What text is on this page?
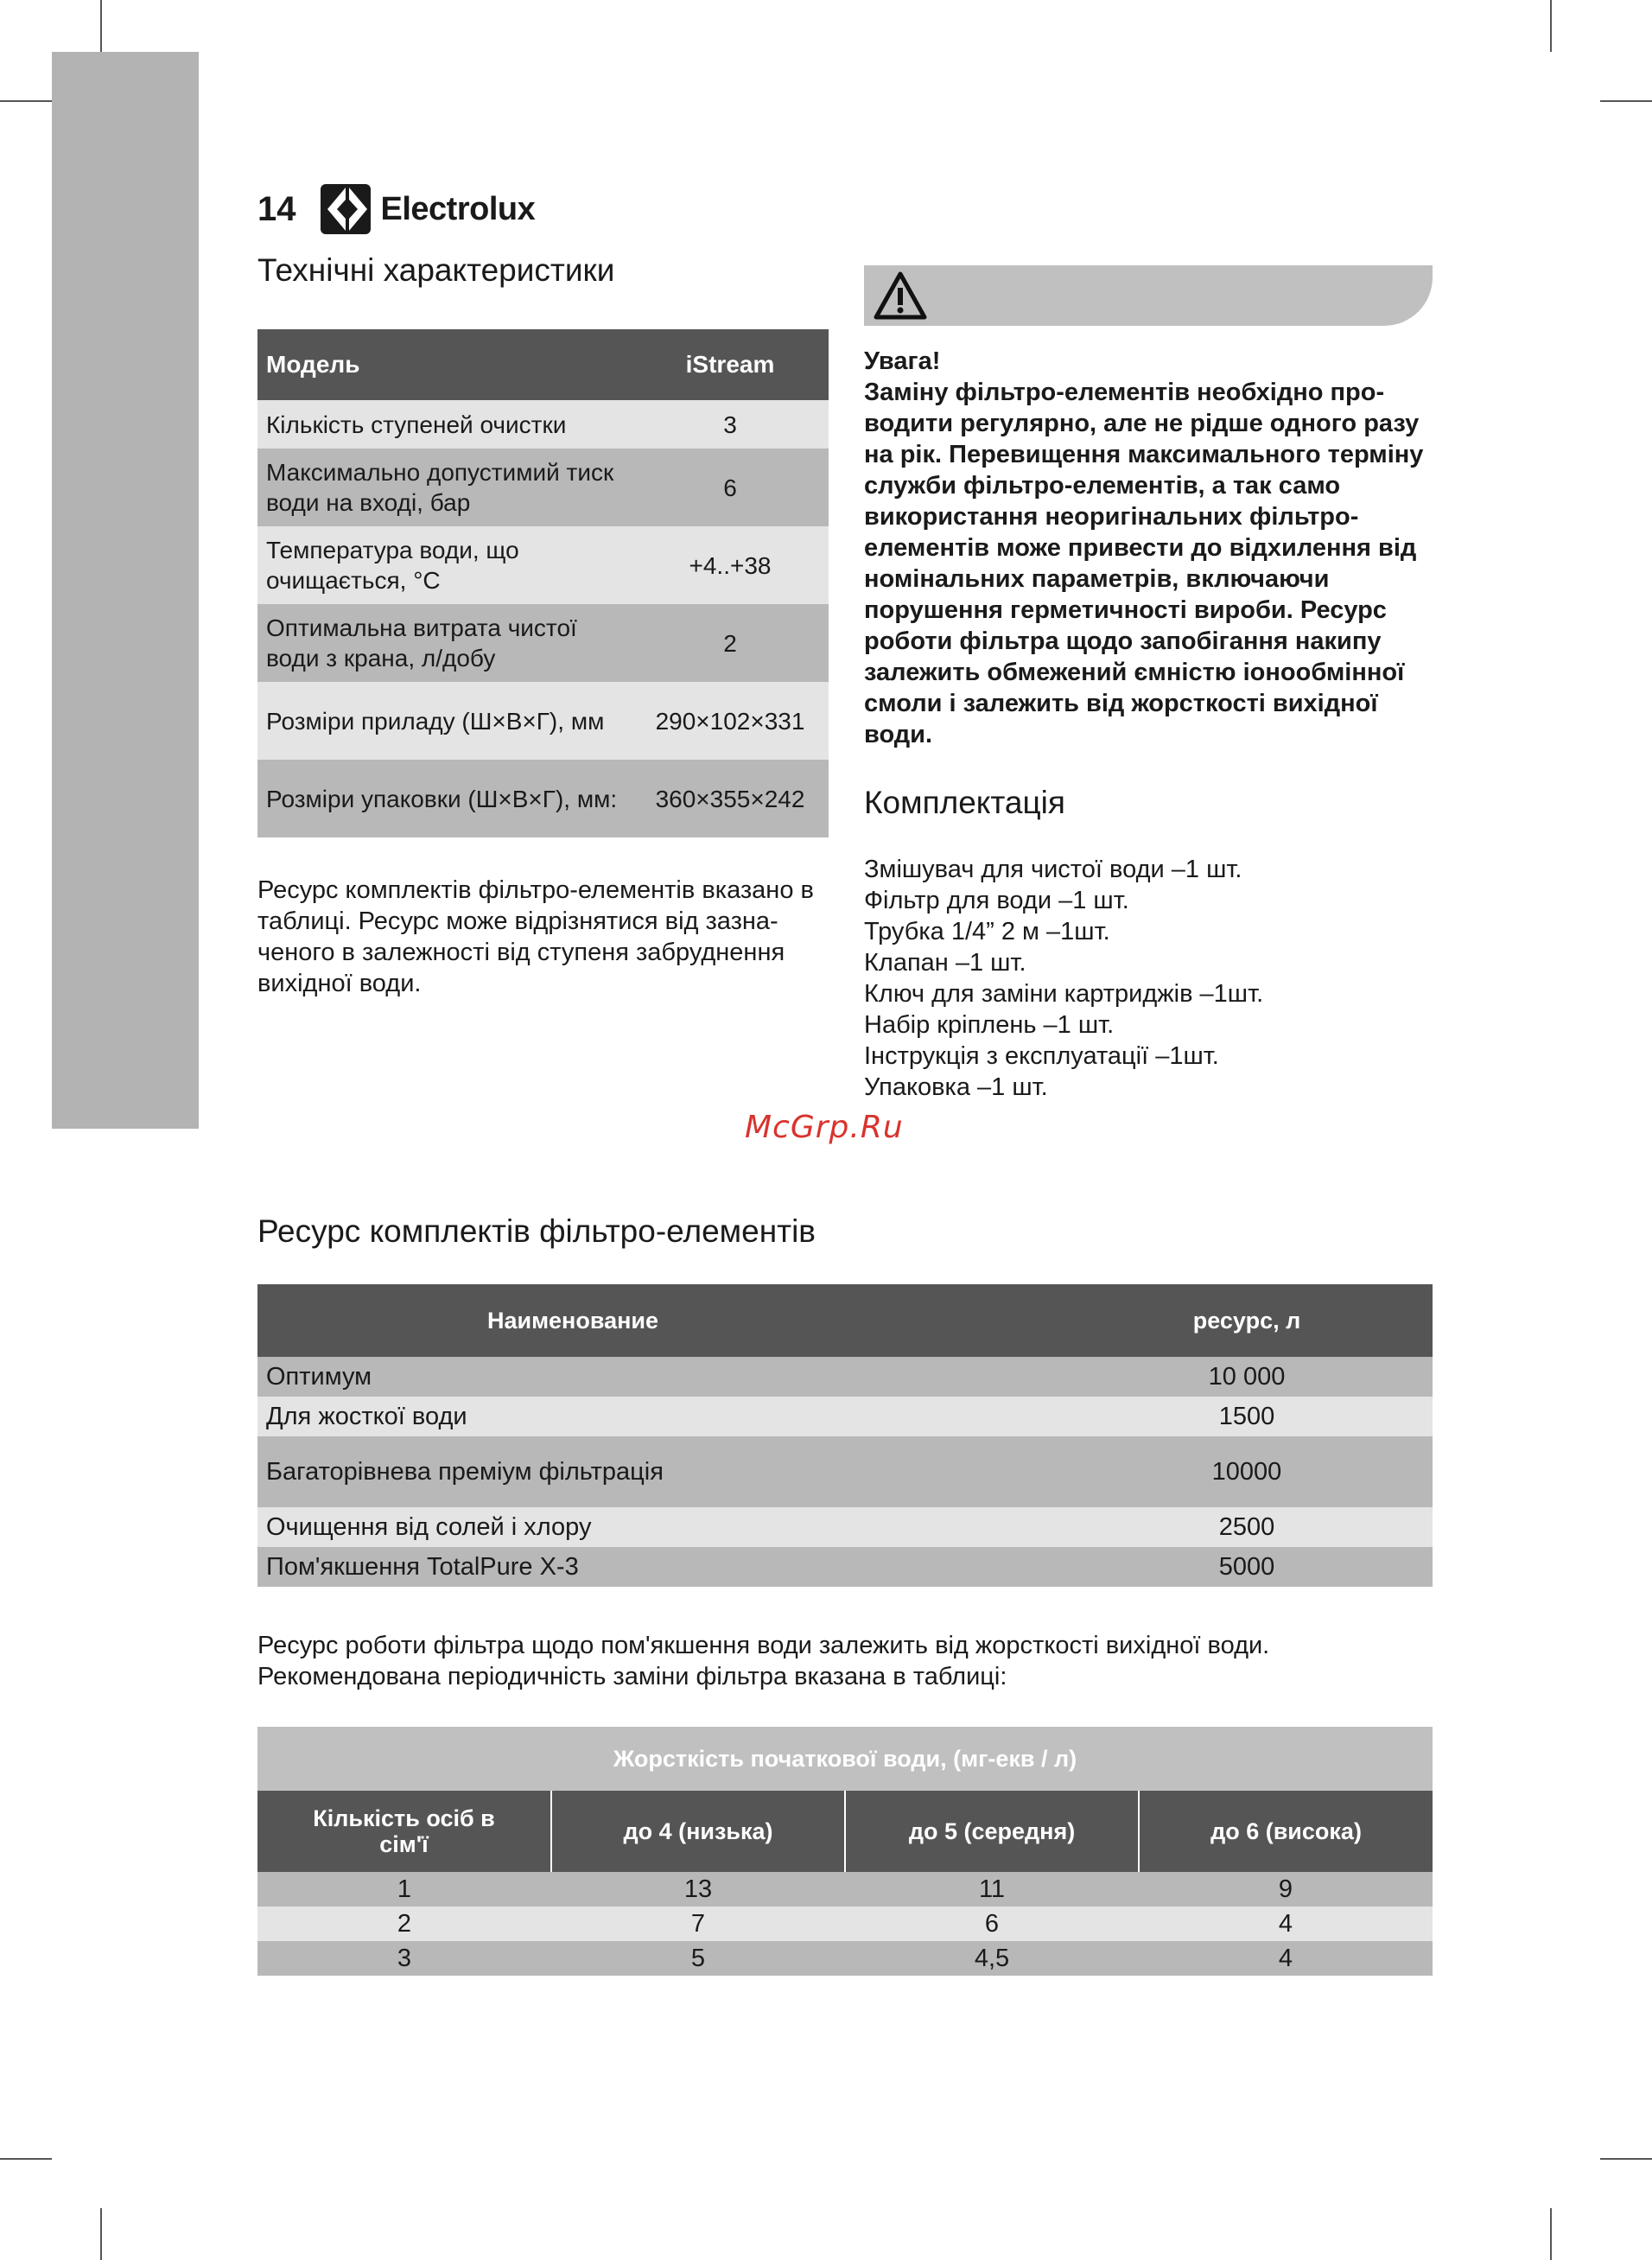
14	Electrolux
Технічні характеристики
Модель	iStream
Кількість ступеней очистки	3
Максимально допустимий тиск води на вході, бар	6
Температура води, що очищається, °С	+4..+38
Оптимальна витрата чистої води з крана, л/добу	2
Розміри приладу (Ш×В×Г), мм	290×102×331
Розміри упаковки (Ш×В×Г), мм:	360×355×242

Ресурс комплектів фільтро-елементів вказано в таблиці. Ресурс може відрізнятися від зазна-ченого в залежності від ступеня забруднення вихідної води.

Увага!
Заміну фільтро-елементів необхідно про-водити регулярно, але не рідше одного разу на рік. Перевищення максимального терміну служби фільтро-елементів, а так само використання неоригінальних фільтро-елементів може привести до відхилення від номінальних параметрів, включаючи порушення герметичності вироби. Ресурс роботи фільтра щодо запобігання накипу залежить обмежений ємністю іонообмінної смоли і залежить від жорсткості вихідної води.
Комплектація
Змішувач для чистої води –1 шт.
Фільтр для води –1 шт.
Трубка 1/4” 2 м –1шт.
Клапан –1 шт.
Ключ для заміни картриджів –1шт.
Набір кріплень –1 шт.
Інструкція з експлуатації –1шт.
Упаковка –1 шт.
McGrp.Ru
Ресурс комплектів фільтро-елементів
Наименование	ресурс, л
Оптимум	10 000
Для жосткої води	1500
Багаторівнева преміум фільтрація	10000
Очищення від солей і хлору	2500
Пом'якшення TotalPure X-3	5000

Ресурс роботи фільтра щодо пом'якшення води залежить від жорсткості вихідної води. Рекомендована періодичність заміни фільтра вказана в таблиці:

Жорсткість початкової води, (мг-екв / л)			
Кількість осіб в сім'ї	до 4 (низька)	до 5 (середня)	до 6 (висока)
1	13	11	9
2	7	6	4
3	5	4,5	4
